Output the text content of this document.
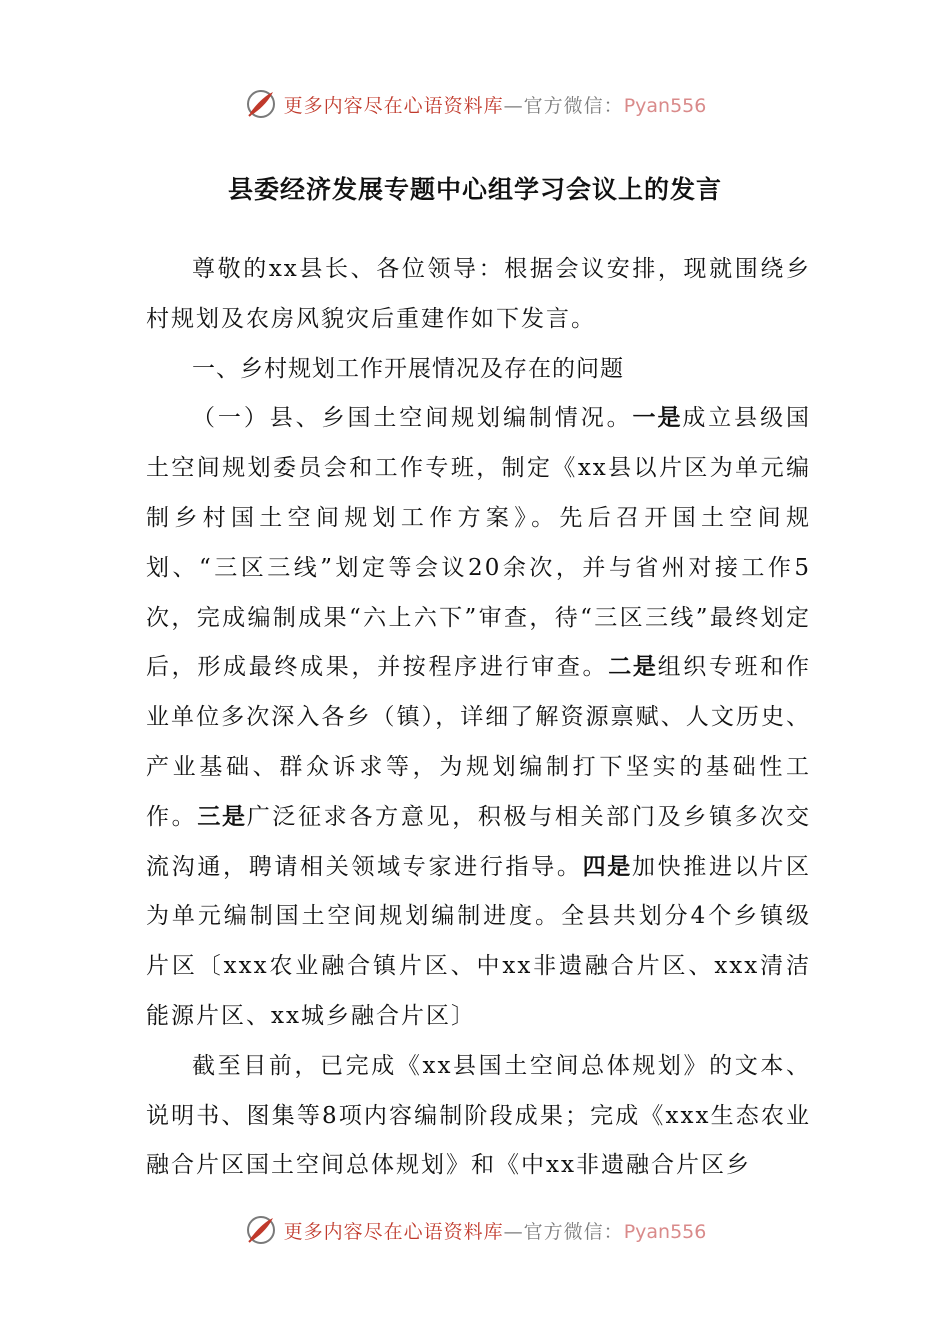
更多内容尽在心语资料库—官方微信：Pyan556
县委经济发展专题中心组学习会议上的发言

尊敬的xx县长、各位领导：根据会议安排，现就围绕乡村规划及农房风貌灾后重建作如下发言。

一、乡村规划工作开展情况及存在的问题

（一）县、乡国土空间规划编制情况。一是成立县级国土空间规划委员会和工作专班，制定《xx县以片区为单元编制乡村国土空间规划工作方案》。先后召开国土空间规划、“三区三线”划定等会议20余次，并与省州对接工作5次，完成编制成果“六上六下”审查，待“三区三线”最终划定后，形成最终成果，并按程序进行审查。二是组织专班和作业单位多次深入各乡（镇），详细了解资源禀赋、人文历史、产业基础、群众诉求等，为规划编制打下坚实的基础性工作。三是广泛征求各方意见，积极与相关部门及乡镇多次交流沟通，聘请相关领域专家进行指导。四是加快推进以片区为单元编制国土空间规划编制进度。全县共划分4个乡镇级片区〔xxx农业融合镇片区、中xx非遗融合片区、xxx清洁能源片区、xx城乡融合片区〕

截至目前，已完成《xx县国土空间总体规划》的文本、说明书、图集等8项内容编制阶段成果；完成《xxx生态农业融合片区国土空间总体规划》和《中xx非遗融合片区乡

更多内容尽在心语资料库—官方微信：Pyan556
